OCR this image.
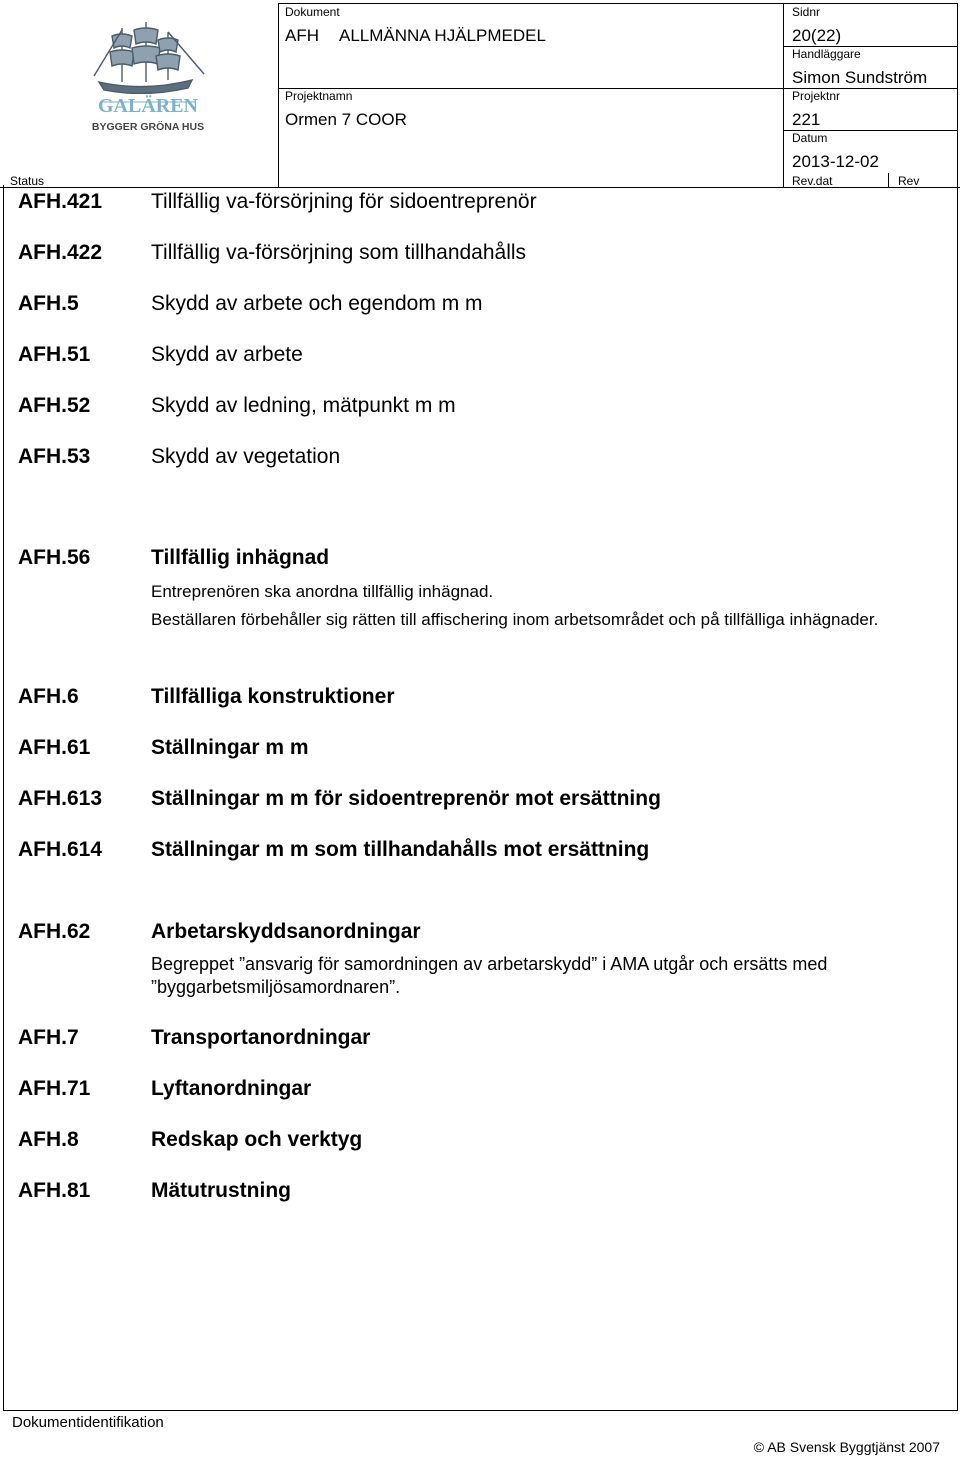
GALÄREN
BYGGER GRÖNA HUS
Dokument
AFH ALLMÄNNA HJÄLPMEDEL
Sidnr
20(22)
Handläggare
Simon Sundström
Projektnamn
Ormen 7 COOR
Projektnr
221
Datum
2013-12-02
Status	Rev.dat	Rev
AFH.421 Tillfällig va-försörjning för sidoentreprenör
AFH.422 Tillfällig va-försörjning som tillhandahålls
AFH.5	Skydd av arbete och egendom m m
AFH.51	Skydd av arbete
AFH.52	Skydd av ledning, mätpunkt m m
AFH.53	Skydd av vegetation
AFH.56	Tillfällig inhägnad

Entreprenören ska anordna tillfällig inhägnad.

Beställaren förbehåller sig rätten till affischering inom arbetsområdet och på tillfälliga inhägnader.

AFH.6	Tillfälliga konstruktioner
AFH.61	Ställningar m m
AFH.613 Ställningar m m för sidoentreprenör mot ersättning
AFH.614 Ställningar m m som tillhandahålls mot ersättning
AFH.62	Arbetarskyddsanordningar

Begreppet ”ansvarig för samordningen av arbetarskydd” i AMA utgår och ersätts med ”byggarbetsmiljösamordnaren”.

AFH.7	Transportanordningar
AFH.71	Lyftanordningar
AFH.8	Redskap och verktyg
AFH.81	Mätutrustning
Dokumentidentifikation
© AB Svensk Byggtjänst 2007
